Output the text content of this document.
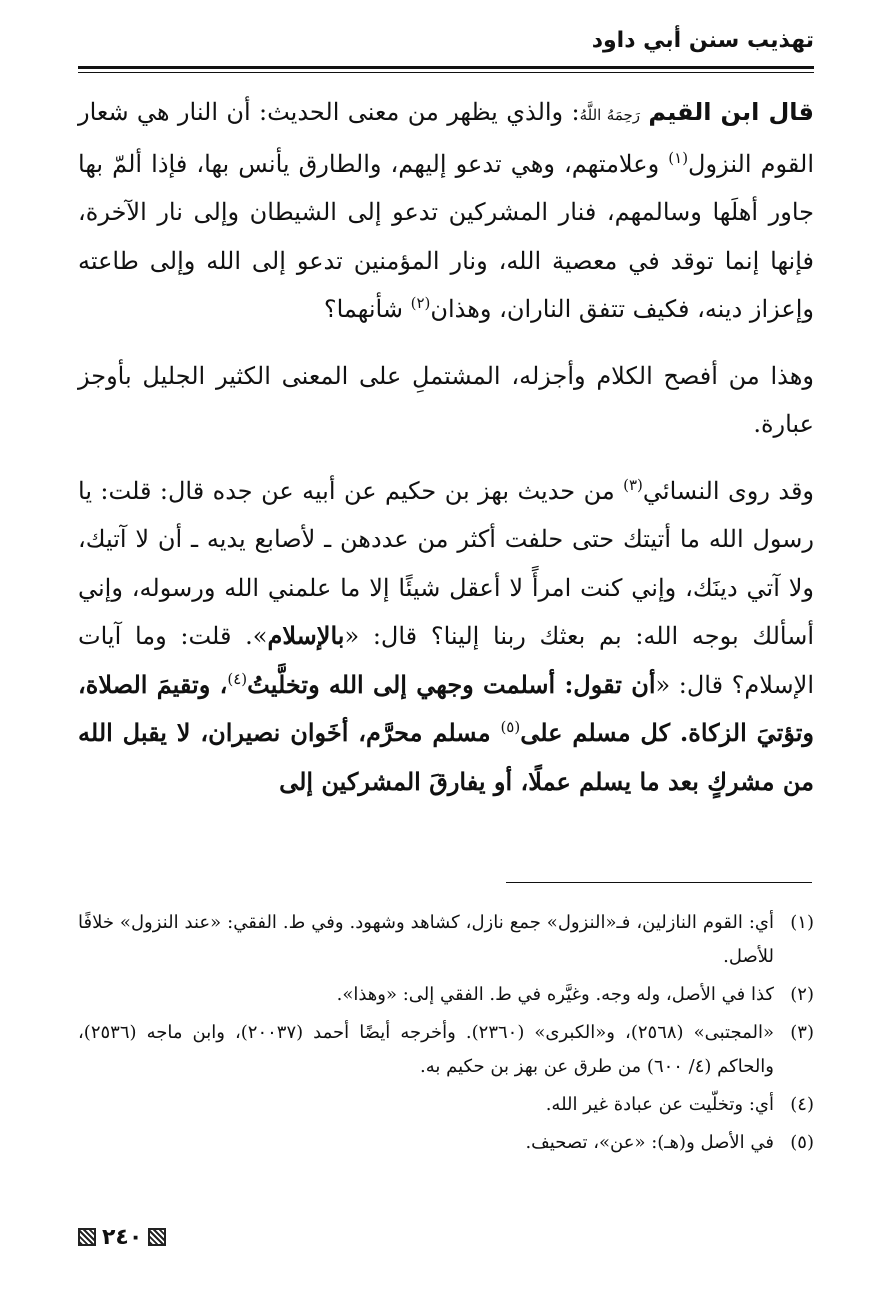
تهذيب سنن أبي داود

قال ابن القيم رَحِمَهُ اللَّهُ: والذي يظهر من معنى الحديث: أن النار هي شعار القوم النزول$^{(١)}$ وعلامتهم، وهي تدعو إليهم، والطارق يأنس بها، فإذا ألمّ بها جاور أهلَها وسالمهم، فنار المشركين تدعو إلى الشيطان وإلى نار الآخرة، فإنها إنما توقد في معصية الله، ونار المؤمنين تدعو إلى الله وإلى طاعته وإعزاز دينه، فكيف تتفق الناران، وهذان$^{(٢)}$ شأنهما؟

وهذا من أفصح الكلام وأجزله، المشتملِ على المعنى الكثير الجليل بأوجز عبارة.

وقد روى النسائي$^{(٣)}$ من حديث بهز بن حكيم عن أبيه عن جده قال: قلت: يا رسول الله ما أتيتك حتى حلفت أكثر من عددهن ـ لأصابع يديه ـ أن لا آتيك، ولا آتي دينَك، وإني كنت امرأً لا أعقل شيئًا إلا ما علمني الله ورسوله، وإني أسألك بوجه الله: بم بعثك ربنا إلينا؟ قال: «بالإسلام». قلت: وما آيات الإسلام؟ قال: «أن تقول: أسلمت وجهي إلى الله وتخلَّيتُ$^{(٤)}$، وتقيمَ الصلاة، وتؤتيَ الزكاة. كل مسلم على$^{(٥)}$ مسلم محرَّم، أخَوان نصيران، لا يقبل الله من مشركٍ بعد ما يسلم عملًا، أو يفارقَ المشركين إلى

(١)
أي: القوم النازلين، فـ«النزول» جمع نازل، كشاهد وشهود. وفي ط. الفقي: «عند النزول» خلافًا للأصل.
(٢)
كذا في الأصل، وله وجه. وغيَّره في ط. الفقي إلى: «وهذا».
(٣)
«المجتبى» (٢٥٦٨)، و«الكبرى» (٢٣٦٠). وأخرجه أيضًا أحمد (٢٠٠٣٧)، وابن ماجه (٢٥٣٦)، والحاكم (٤/ ٦٠٠) من طرق عن بهز بن حكيم به.
(٤)
أي: وتخلّيت عن عبادة غير الله.
(٥)
في الأصل و(هـ): «عن»، تصحيف.
٢٤٠
